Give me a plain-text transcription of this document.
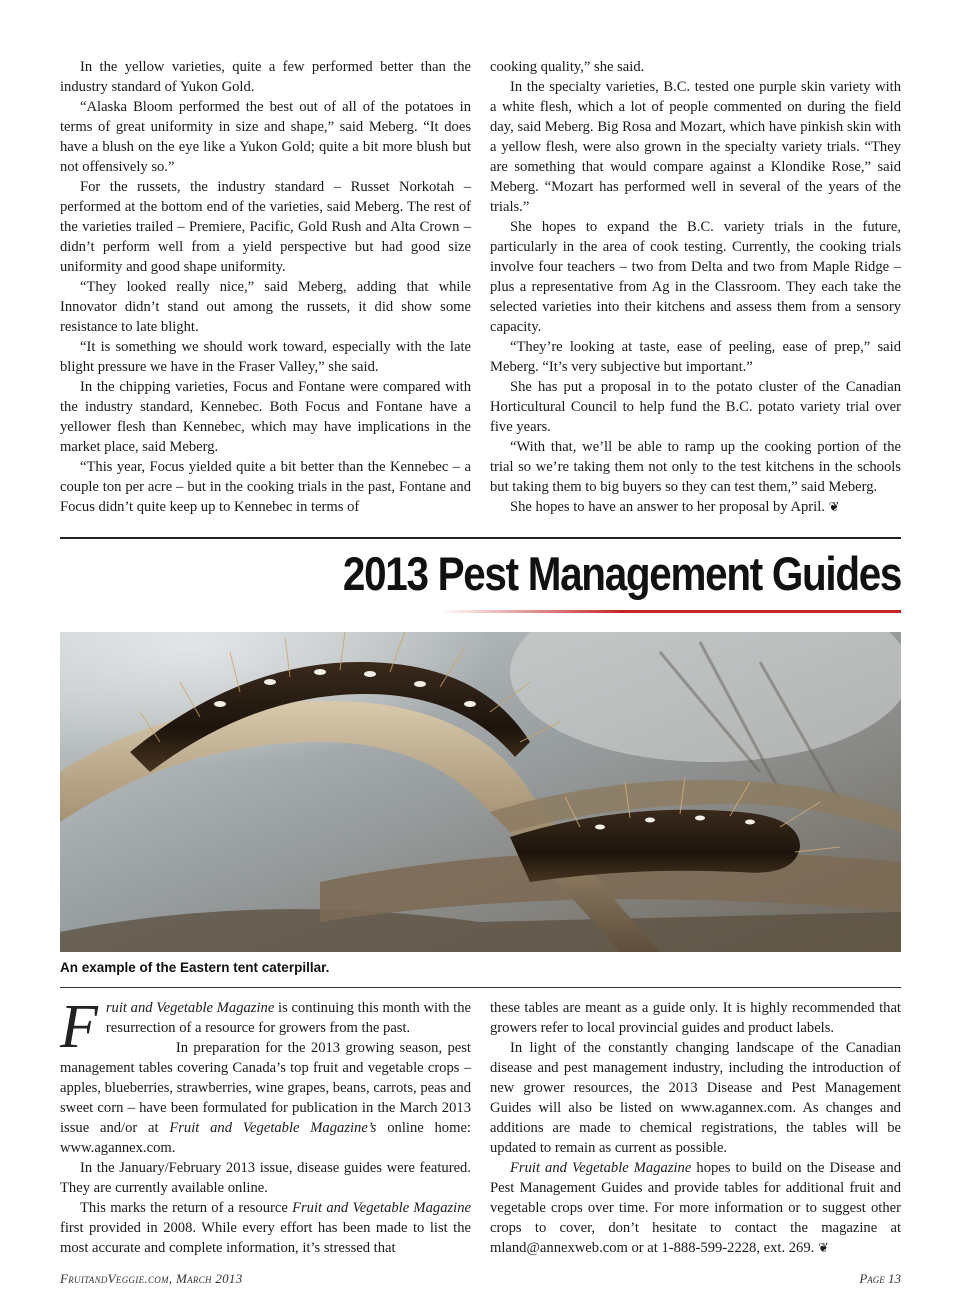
In the yellow varieties, quite a few performed better than the industry standard of Yukon Gold.

“Alaska Bloom performed the best out of all of the potatoes in terms of great uniformity in size and shape,” said Meberg. “It does have a blush on the eye like a Yukon Gold; quite a bit more blush but not offensively so.”

For the russets, the industry standard – Russet Norkotah – performed at the bottom end of the varieties, said Meberg. The rest of the varieties trailed – Premiere, Pacific, Gold Rush and Alta Crown – didn’t perform well from a yield perspective but had good size uniformity and good shape uniformity.

“They looked really nice,” said Meberg, adding that while Innovator didn’t stand out among the russets, it did show some resistance to late blight.

“It is something we should work toward, especially with the late blight pressure we have in the Fraser Valley,” she said.

In the chipping varieties, Focus and Fontane were compared with the industry standard, Kennebec. Both Focus and Fontane have a yellower flesh than Kennebec, which may have implications in the market place, said Meberg.

“This year, Focus yielded quite a bit better than the Kennebec – a couple ton per acre – but in the cooking trials in the past, Fontane and Focus didn’t quite keep up to Kennebec in terms of

cooking quality,” she said.

In the specialty varieties, B.C. tested one purple skin variety with a white flesh, which a lot of people commented on during the field day, said Meberg. Big Rosa and Mozart, which have pinkish skin with a yellow flesh, were also grown in the specialty variety trials. “They are something that would compare against a Klondike Rose,” said Meberg. “Mozart has performed well in several of the years of the trials.”

She hopes to expand the B.C. variety trials in the future, particularly in the area of cook testing. Currently, the cooking trials involve four teachers – two from Delta and two from Maple Ridge – plus a representative from Ag in the Classroom. They each take the selected varieties into their kitchens and assess them from a sensory capacity.

“They’re looking at taste, ease of peeling, ease of prep,” said Meberg. “It’s very subjective but important.”

She has put a proposal in to the potato cluster of the Canadian Horticultural Council to help fund the B.C. potato variety trial over five years.

“With that, we’ll be able to ramp up the cooking portion of the trial so we’re taking them not only to the test kitchens in the schools but taking them to big buyers so they can test them,” said Meberg.

She hopes to have an answer to her proposal by April. ❦

2013 Pest Management Guides
An example of the Eastern tent caterpillar.

Fruit and Vegetable Magazine is continuing this month with the resurrection of a resource for growers from the past.

In preparation for the 2013 growing season, pest management tables covering Canada’s top fruit and vegetable crops – apples, blueberries, strawberries, wine grapes, beans, carrots, peas and sweet corn – have been formulated for publication in the March 2013 issue and/or at Fruit and Vegetable Magazine’s online home: www.agannex.com.

In the January/February 2013 issue, disease guides were featured. They are currently available online.

This marks the return of a resource Fruit and Vegetable Magazine first provided in 2008. While every effort has been made to list the most accurate and complete information, it’s stressed that

these tables are meant as a guide only. It is highly recommended that growers refer to local provincial guides and product labels.

In light of the constantly changing landscape of the Canadian disease and pest management industry, including the introduction of new grower resources, the 2013 Disease and Pest Management Guides will also be listed on www.agannex.com. As changes and additions are made to chemical registrations, the tables will be updated to remain as current as possible.

Fruit and Vegetable Magazine hopes to build on the Disease and Pest Management Guides and provide tables for additional fruit and vegetable crops over time. For more information or to suggest other crops to cover, don’t hesitate to contact the magazine at mland@annexweb.com or at 1-888-599-2228, ext. 269. ❦

FruitandVeggie.com, March 2013	Page 13
